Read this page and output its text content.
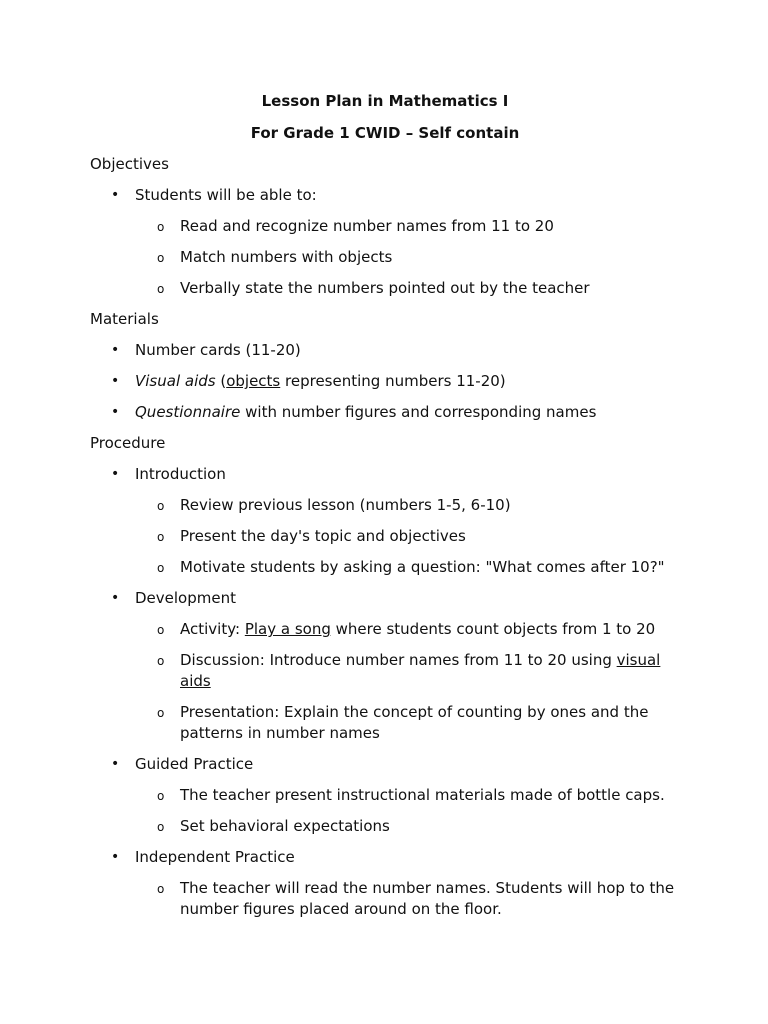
Lesson Plan in Mathematics I
For Grade 1 CWID – Self contain
Objectives
• Students will be able to:
o Read and recognize number names from 11 to 20
o Match numbers with objects
o Verbally state the numbers pointed out by the teacher
Materials
• Number cards (11-20)
• Visual aids (objects representing numbers 11-20)
• Questionnaire with number figures and corresponding names
Procedure
• Introduction
o Review previous lesson (numbers 1-5, 6-10)
o Present the day's topic and objectives
o Motivate students by asking a question: "What comes after 10?"
• Development
o Activity: Play a song where students count objects from 1 to 20
o Discussion: Introduce number names from 11 to 20 using visual aids
o Presentation: Explain the concept of counting by ones and the patterns in number names
• Guided Practice
o The teacher present instructional materials made of bottle caps.
o Set behavioral expectations
• Independent Practice
o The teacher will read the number names. Students will hop to the number figures placed around on the floor.
